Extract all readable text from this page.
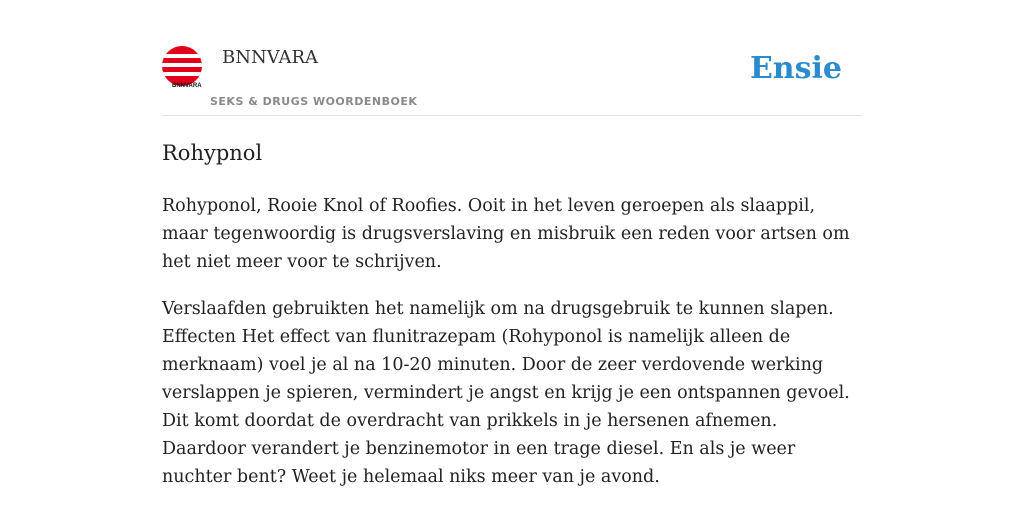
BNNVARA
BNNVARA
SEKS & DRUGS WOORDENBOEK
Ensie
Rohypnol

Rohyponol, Rooie Knol of Roofies. Ooit in het leven geroepen als slaappil, maar tegenwoordig is drugsverslaving en misbruik een reden voor artsen om het niet meer voor te schrijven.

Verslaafden gebruikten het namelijk om na drugsgebruik te kunnen slapen. Effecten Het effect van flunitrazepam (Rohyponol is namelijk alleen de merknaam) voel je al na 10-20 minuten. Door de zeer verdovende werking verslappen je spieren, vermindert je angst en krijg je een ontspannen gevoel. Dit komt doordat de overdracht van prikkels in je hersenen afnemen. Daardoor verandert je benzinemotor in een trage diesel. En als je weer nuchter bent? Weet je helemaal niks meer van je avond.
